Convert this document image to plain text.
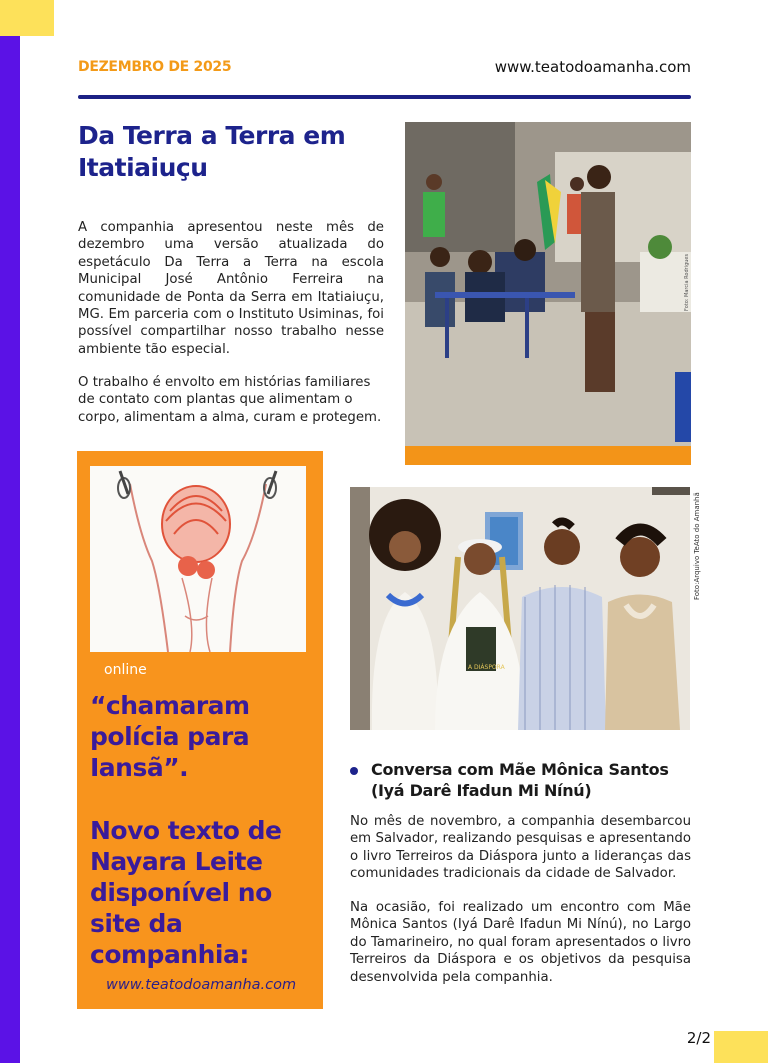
DEZEMBRO DE 2025	www.teatodoamanha.com
Da Terra a Terra em Itatiaiuçu

A companhia apresentou neste mês de dezembro uma versão atualizada do espetáculo Da Terra a Terra na escola Municipal José Antônio Ferreira na comunidade de Ponta da Serra em Itatiaiuçu, MG. Em parceria com o Instituto Usiminas, foi possível compartilhar nosso trabalho nesse ambiente tão especial.

O trabalho é envolto em histórias familiares de contato com plantas que alimentam o corpo, alimentam a alma, curam e protegem.

Foto: Marcia Rodrigues
online

“chamaram polícia para Iansã”.

Novo texto de Nayara Leite disponível no site da companhia:

www.teatodoamanha.com
A DIÁSPORA
Foto:Arquivo TeAto do Amanhã
Conversa com Mãe Mônica Santos (Iyá Darê Ifadun Mi Nínú)

No mês de novembro, a companhia desembarcou em Salvador, realizando pesquisas e apresentando o livro Terreiros da Diáspora junto a lideranças das comunidades tradicionais da cidade de Salvador.

Na ocasião, foi realizado um encontro com Mãe Mônica Santos (Iyá Darê Ifadun Mi Nínú), no Largo do Tamarineiro, no qual foram apresentados o livro Terreiros da Diáspora e os objetivos da pesquisa desenvolvida pela companhia.

2/2
